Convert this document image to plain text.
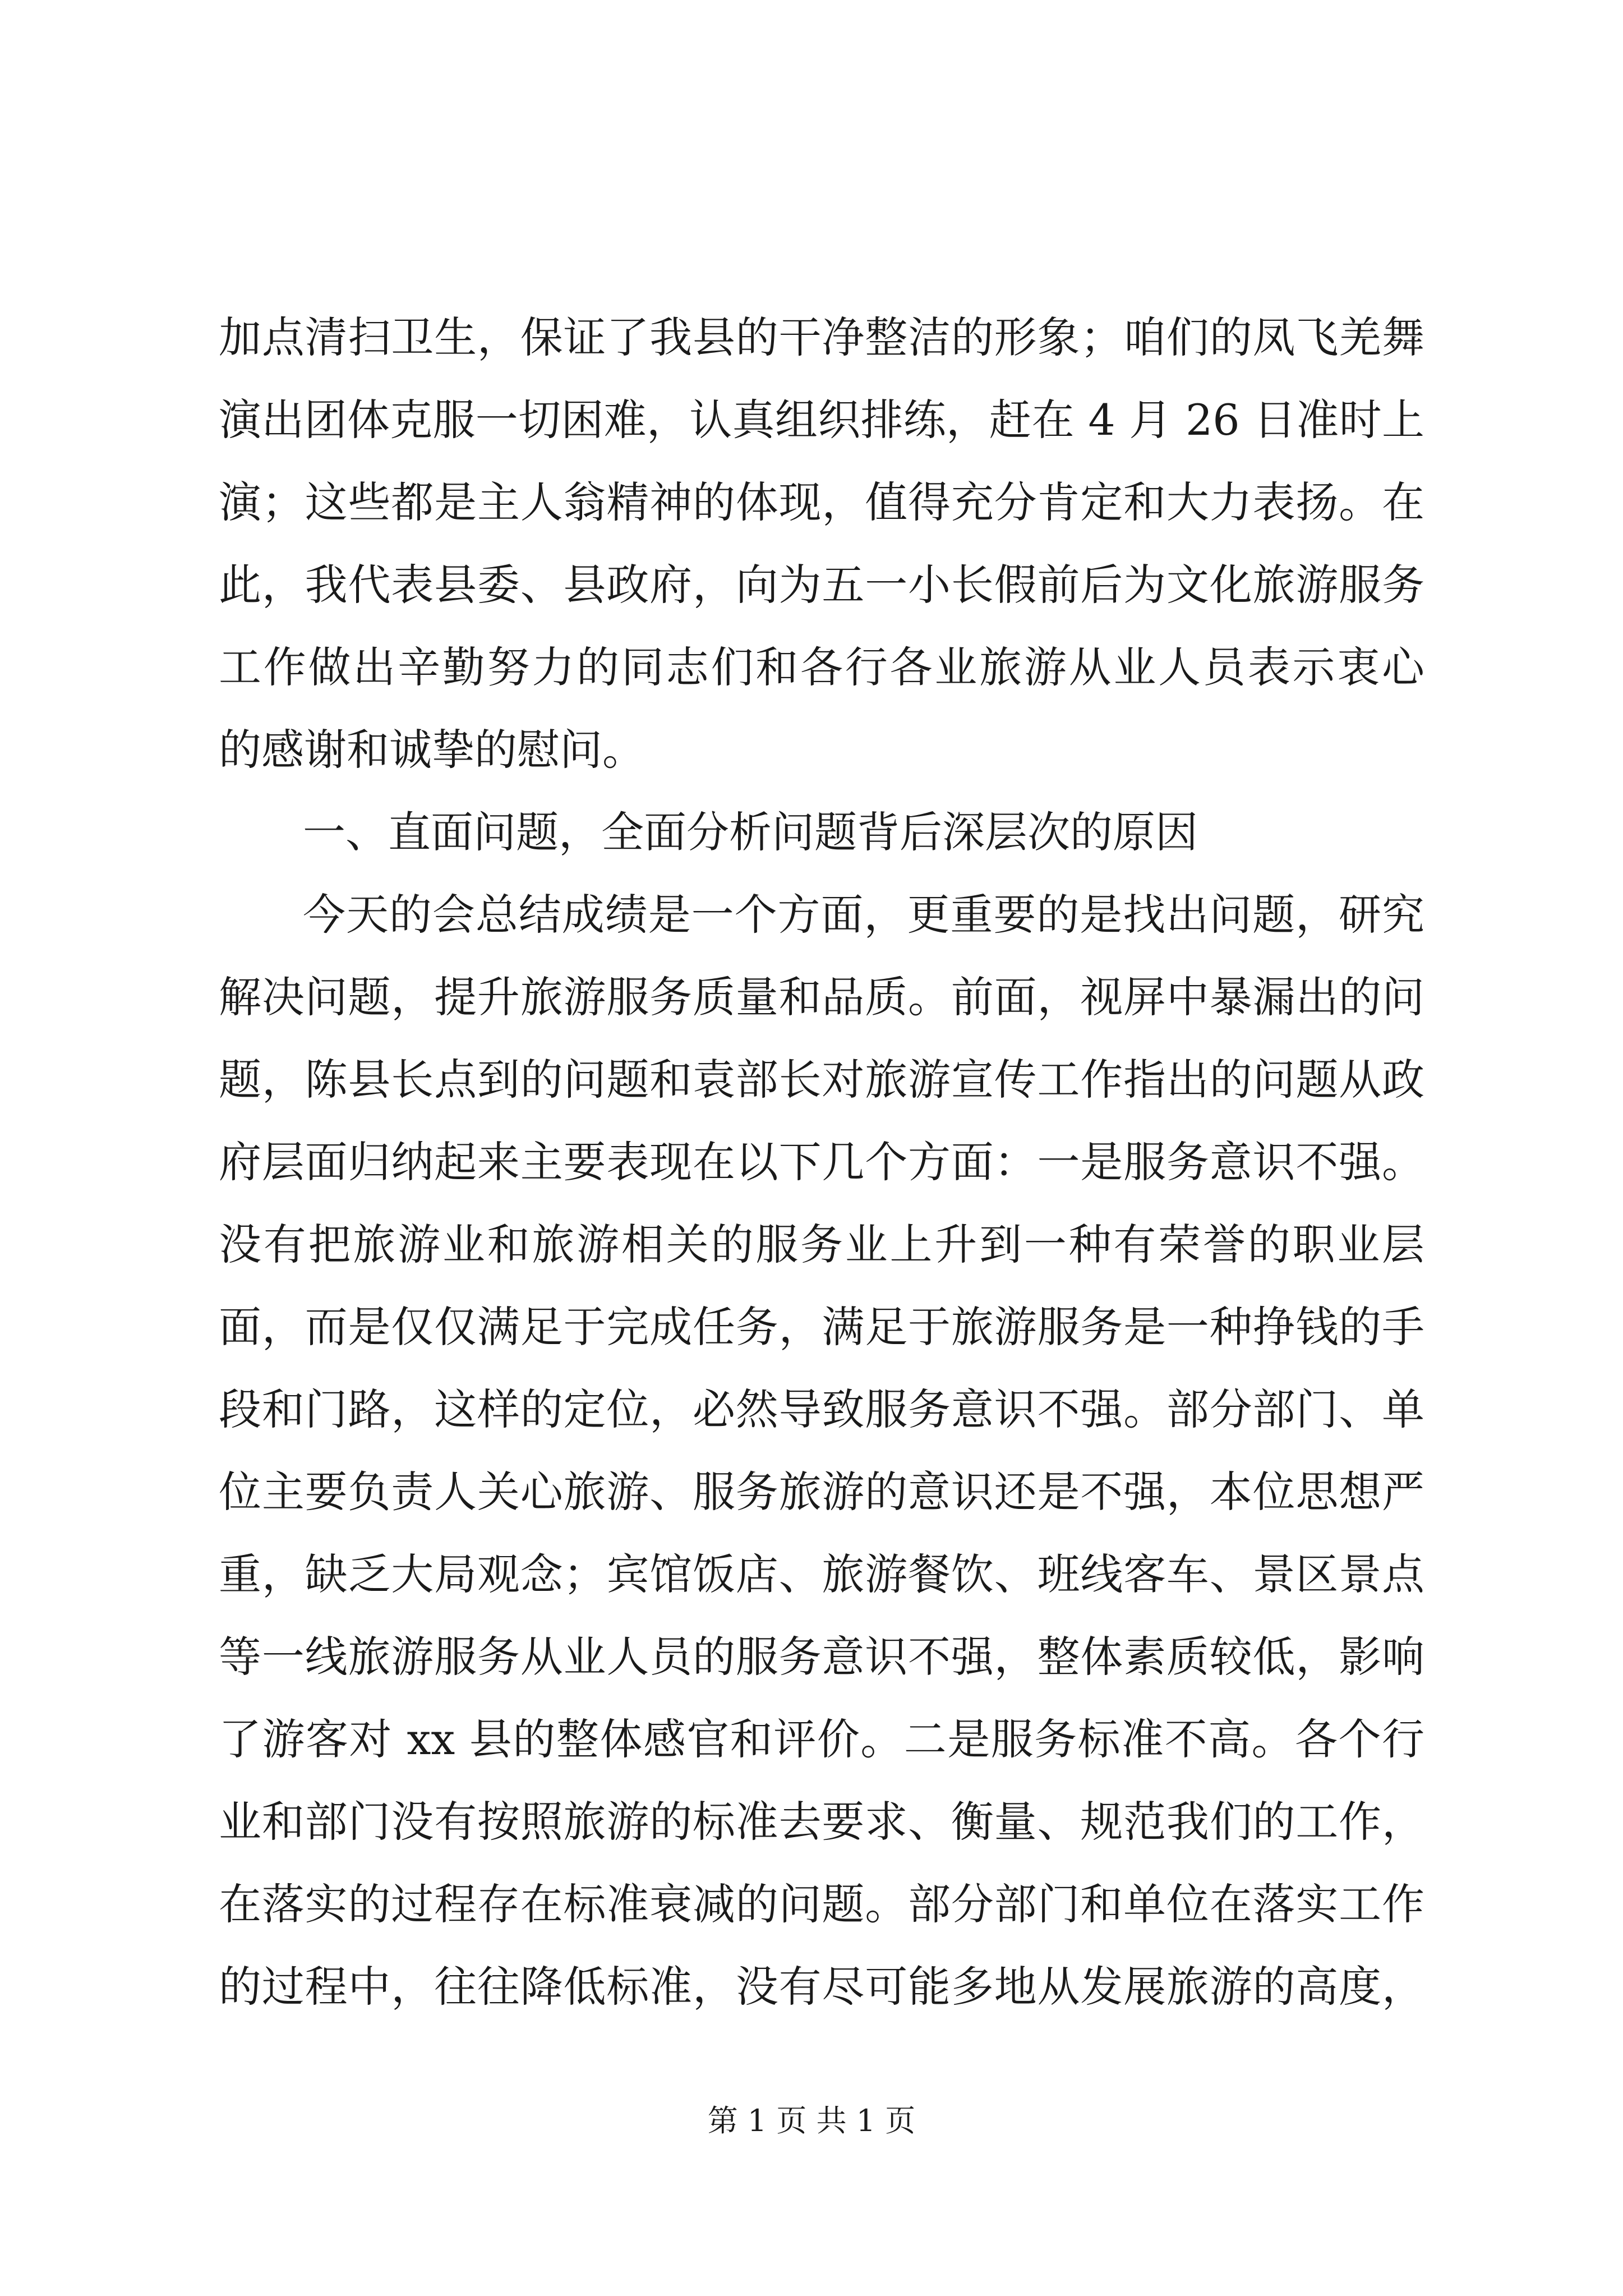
加点清扫卫生，保证了我县的干净整洁的形象；咱们的凤飞羌舞
演出团体克服一切困难，认真组织排练，赶在 4 月 26 日准时上
演；这些都是主人翁精神的体现，值得充分肯定和大力表扬。在
此，我代表县委、县政府，向为五一小长假前后为文化旅游服务
工作做出辛勤努力的同志们和各行各业旅游从业人员表示衷心
的感谢和诚挚的慰问。
一、直面问题，全面分析问题背后深层次的原因
今天的会总结成绩是一个方面，更重要的是找出问题，研究
解决问题，提升旅游服务质量和品质。前面，视屏中暴漏出的问
题，陈县长点到的问题和袁部长对旅游宣传工作指出的问题从政
府层面归纳起来主要表现在以下几个方面：一是服务意识不强。
没有把旅游业和旅游相关的服务业上升到一种有荣誉的职业层
面，而是仅仅满足于完成任务，满足于旅游服务是一种挣钱的手
段和门路，这样的定位，必然导致服务意识不强。部分部门、单
位主要负责人关心旅游、服务旅游的意识还是不强，本位思想严
重，缺乏大局观念；宾馆饭店、旅游餐饮、班线客车、景区景点
等一线旅游服务从业人员的服务意识不强，整体素质较低，影响
了游客对 xx 县的整体感官和评价。二是服务标准不高。各个行
业和部门没有按照旅游的标准去要求、衡量、规范我们的工作，
在落实的过程存在标准衰减的问题。部分部门和单位在落实工作
的过程中，往往降低标准，没有尽可能多地从发展旅游的高度，
第 1 页 共 1 页
